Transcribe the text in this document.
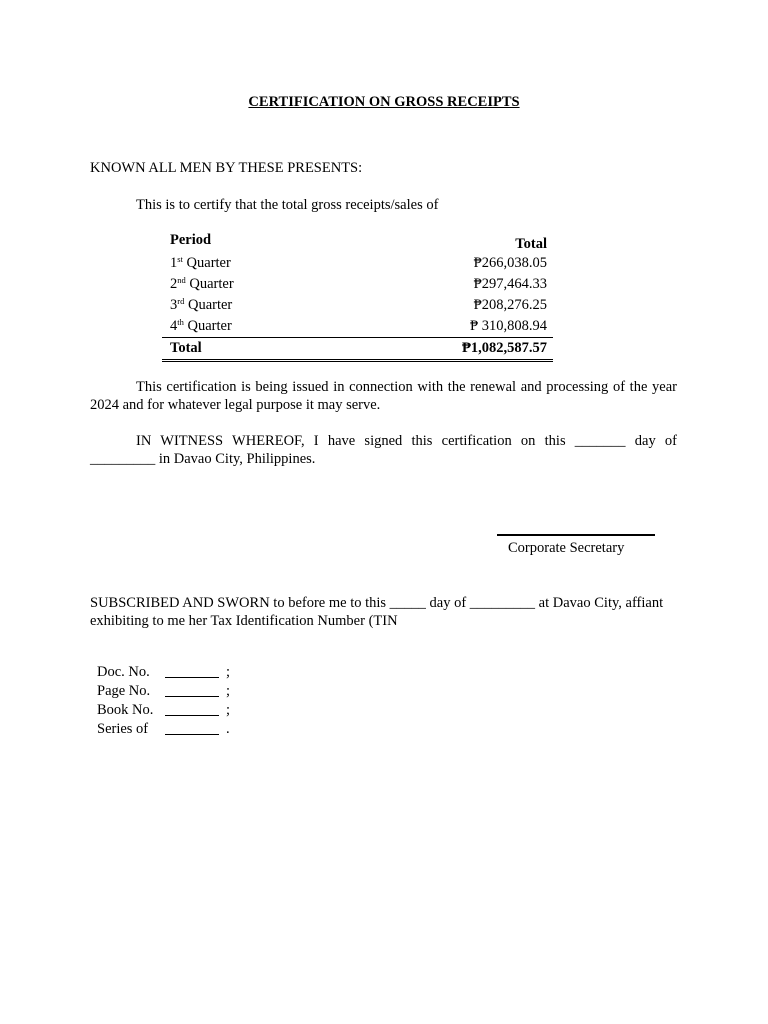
CERTIFICATION ON GROSS RECEIPTS
KNOWN ALL MEN BY THESE PRESENTS:
This is to certify that the total gross receipts/sales of
Period	Total
1st Quarter	₱266,038.05
2nd Quarter	₱297,464.33
3rd Quarter	₱208,276.25
4th Quarter	₱ 310,808.94
Total	₱1,082,587.57
This certification is being issued in connection with the renewal and processing of the year 2024 and for whatever legal purpose it may serve.
IN WITNESS WHEREOF, I have signed this certification on this _______ day of _________ in Davao City, Philippines.
Corporate Secretary
SUBSCRIBED AND SWORN to before me to this _____ day of _________ at Davao City, affiant exhibiting to me her Tax Identification Number (TIN
Doc. No.	;
Page No.	;
Book No.	;
Series of	.
